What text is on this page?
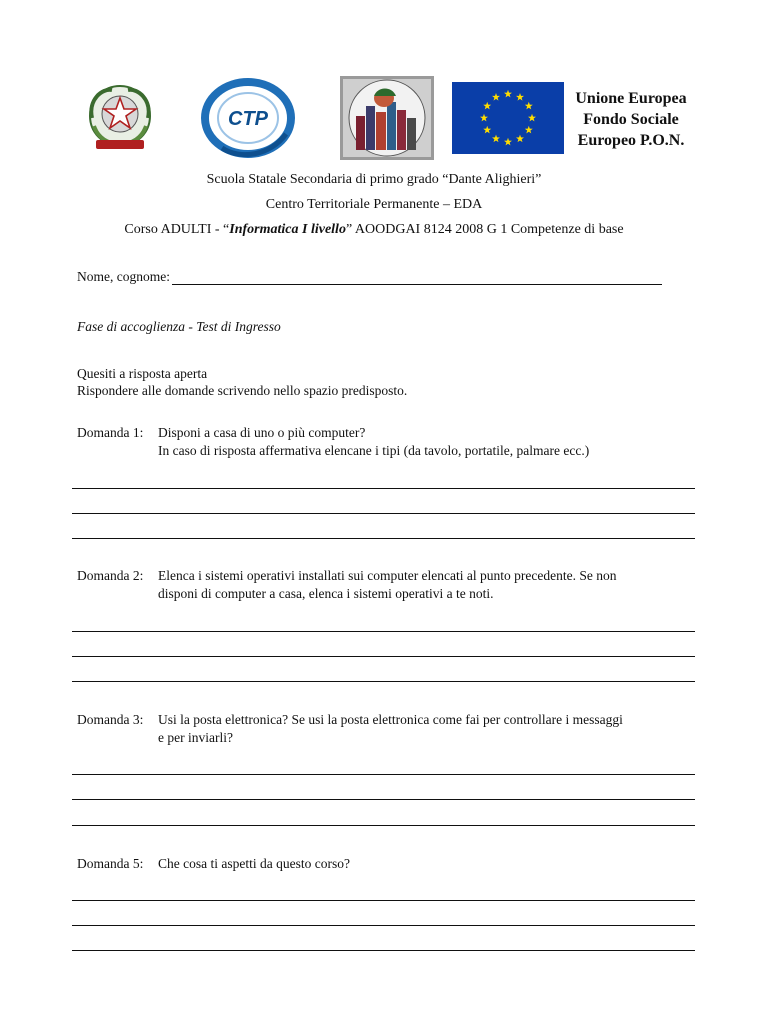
CTP
Unione Europea
Fondo Sociale
Europeo P.O.N.
Scuola Statale Secondaria di primo grado “Dante Alighieri”
Centro Territoriale Permanente – EDA
Corso ADULTI - “Informatica I livello” AOODGAI 8124 2008 G 1 Competenze di base
Nome, cognome:
Fase di accoglienza - Test di Ingresso
Quesiti a risposta aperta
Rispondere alle domande scrivendo nello spazio predisposto.
Domanda 1:	Disponi a casa di uno o più computer?
In caso di risposta affermativa elencane i tipi (da tavolo, portatile, palmare ecc.)
Domanda 2:	Elenca i sistemi operativi installati sui computer elencati al punto precedente. Se non
disponi di computer a casa, elenca i sistemi operativi a te noti.
Domanda 3:	Usi la posta elettronica? Se usi la posta elettronica come fai per controllare i messaggi
e per inviarli?
Domanda 5:	Che cosa ti aspetti da questo corso?
